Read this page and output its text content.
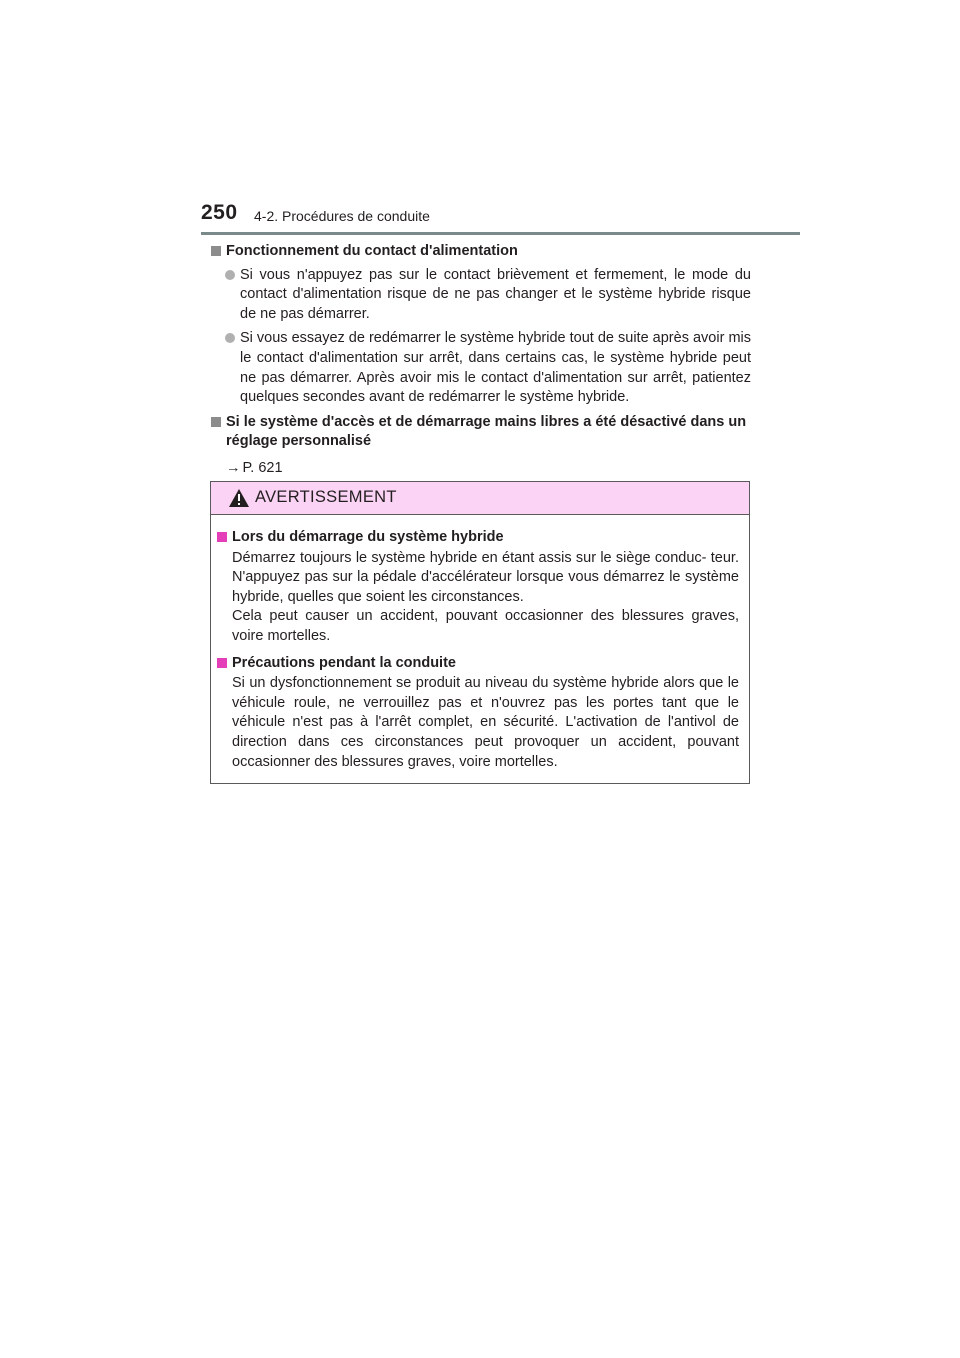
250 4-2. Procédures de conduite
Fonctionnement du contact d'alimentation
Si vous n'appuyez pas sur le contact brièvement et fermement, le mode du contact d'alimentation risque de ne pas changer et le système hybride risque de ne pas démarrer.
Si vous essayez de redémarrer le système hybride tout de suite après avoir mis le contact d'alimentation sur arrêt, dans certains cas, le système hybride peut ne pas démarrer. Après avoir mis le contact d'alimentation sur arrêt, patientez quelques secondes avant de redémarrer le système hybride.
Si le système d'accès et de démarrage mains libres a été désactivé dans un réglage personnalisé
→ P. 621
AVERTISSEMENT
Lors du démarrage du système hybride

Démarrez toujours le système hybride en étant assis sur le siège conduc- teur. N'appuyez pas sur la pédale d'accélérateur lorsque vous démarrez le système hybride, quelles que soient les circonstances.

Cela peut causer un accident, pouvant occasionner des blessures graves, voire mortelles.

Précautions pendant la conduite

Si un dysfonctionnement se produit au niveau du système hybride alors que le véhicule roule, ne verrouillez pas et n'ouvrez pas les portes tant que le véhicule n'est pas à l'arrêt complet, en sécurité. L'activation de l'antivol de direction dans ces circonstances peut provoquer un accident, pouvant occasionner des blessures graves, voire mortelles.
